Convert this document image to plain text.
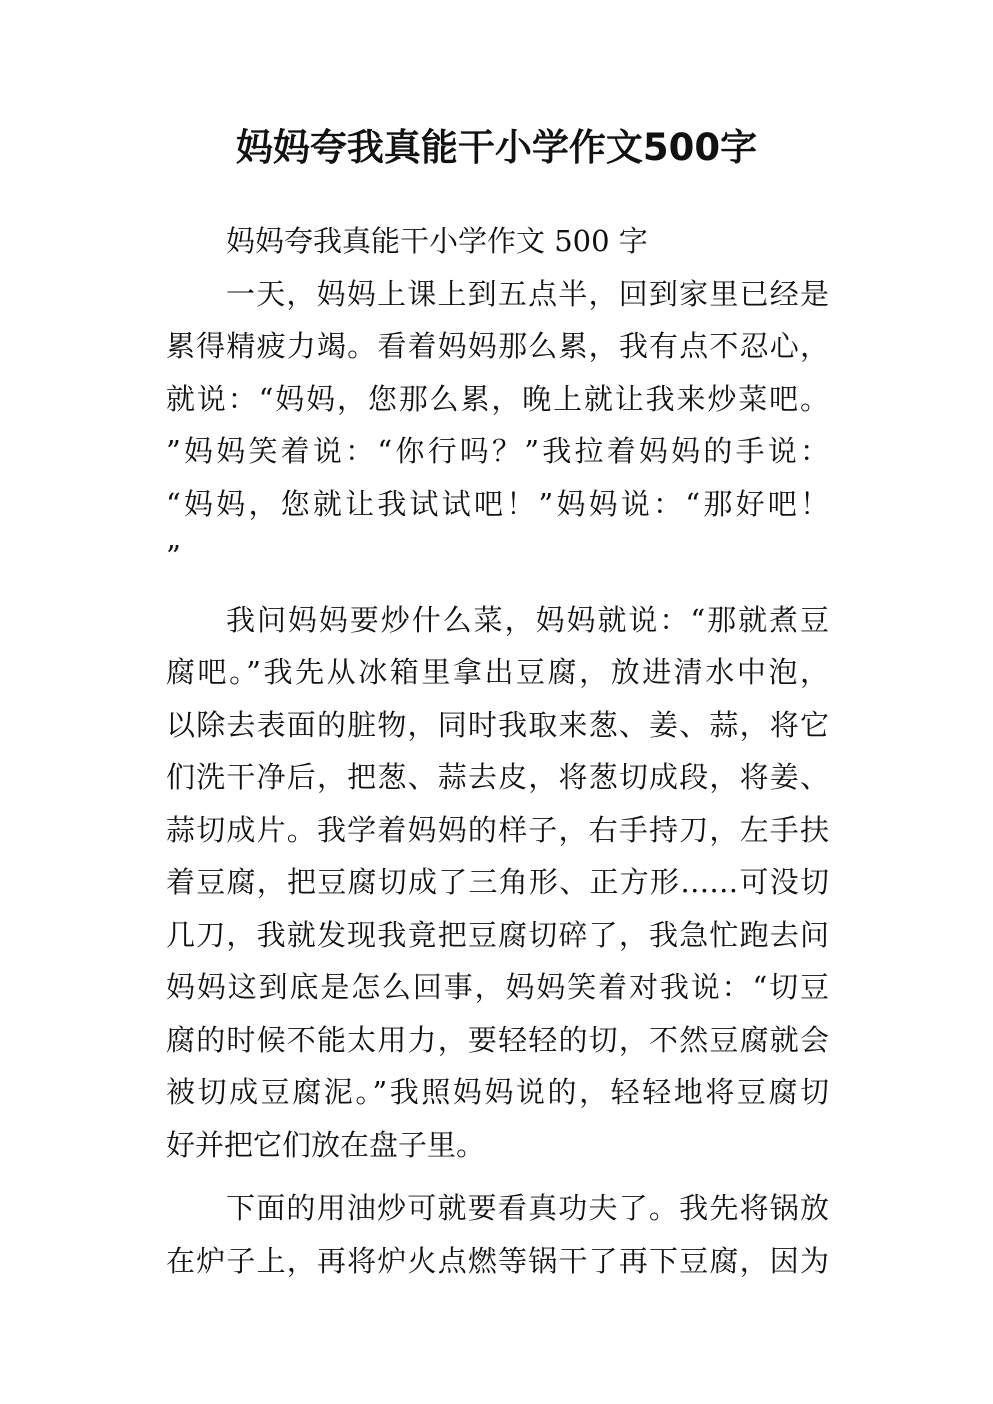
妈妈夸我真能干小学作文500字
妈妈夸我真能干小学作文 500 字
一天，妈妈上课上到五点半，回到家里已经是
累得精疲力竭。看着妈妈那么累，我有点不忍心，
就说：“妈妈，您那么累，晚上就让我来炒菜吧。
”妈妈笑着说：“你行吗？”我拉着妈妈的手说：
“妈妈，您就让我试试吧！”妈妈说：“那好吧！
”
我问妈妈要炒什么菜，妈妈就说：“那就煮豆
腐吧。”我先从冰箱里拿出豆腐，放进清水中泡，
以除去表面的脏物，同时我取来葱、姜、蒜，将它
们洗干净后，把葱、蒜去皮，将葱切成段，将姜、
蒜切成片。我学着妈妈的样子，右手持刀，左手扶
着豆腐，把豆腐切成了三角形、正方形……可没切
几刀，我就发现我竟把豆腐切碎了，我急忙跑去问
妈妈这到底是怎么回事，妈妈笑着对我说：“切豆
腐的时候不能太用力，要轻轻的切，不然豆腐就会
被切成豆腐泥。”我照妈妈说的，轻轻地将豆腐切
好并把它们放在盘子里。
下面的用油炒可就要看真功夫了。我先将锅放
在炉子上，再将炉火点燃等锅干了再下豆腐，因为
